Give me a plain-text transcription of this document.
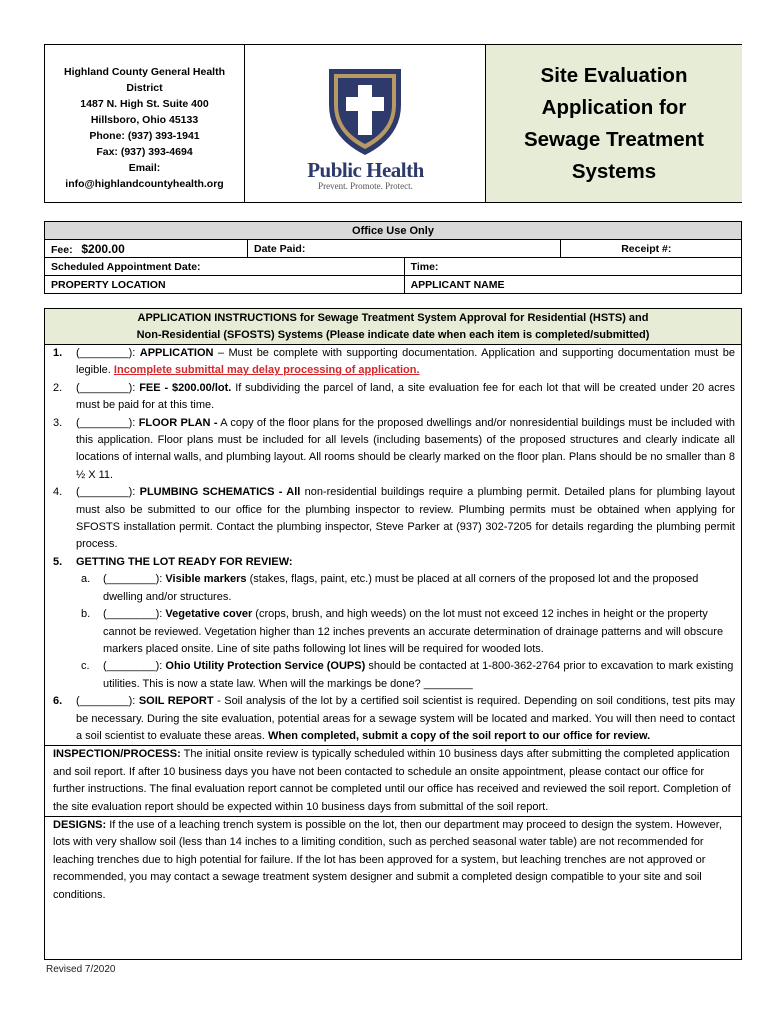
Highland County General Health
District
1487 N. High St. Suite 400
Hillsboro, Ohio 45133
Phone: (937) 393-1941
Fax: (937) 393-4694
Email:
info@highlandcountyhealth.org
Public Health
Prevent. Promote. Protect.
Site Evaluation
Application for
Sewage Treatment
Systems
Office Use Only			
Fee: $200.00	Date Paid:		Receipt #:
Scheduled Appointment Date:		Time:	
PROPERTY LOCATION		APPLICANT NAME	
APPLICATION INSTRUCTIONS for Sewage Treatment System Approval for Residential (HSTS) and
Non-Residential (SFOSTS) Systems (Please indicate date when each item is completed/submitted)
1. (________): APPLICATION – Must be complete with supporting documentation. Application and supporting documentation must be legible. Incomplete submittal may delay processing of application.
2. (________): FEE - $200.00/lot. If subdividing the parcel of land, a site evaluation fee for each lot that will be created under 20 acres must be paid for at this time.
3. (________): FLOOR PLAN - A copy of the floor plans for the proposed dwellings and/or nonresidential buildings must be included with this application. Floor plans must be included for all levels (including basements) of the proposed structures and clearly indicate all locations of internal walls, and plumbing layout. All rooms should be clearly marked on the floor plan. Plans should be no smaller than 8 ½ X 11.
4. (________): PLUMBING SCHEMATICS - All non-residential buildings require a plumbing permit. Detailed plans for plumbing layout must also be submitted to our office for the plumbing inspector to review. Plumbing permits must be obtained when applying for SFOSTS installation permit. Contact the plumbing inspector, Steve Parker at (937) 302-7205 for details regarding the plumbing permit process.
5. GETTING THE LOT READY FOR REVIEW:
a. (________): Visible markers (stakes, flags, paint, etc.) must be placed at all corners of the proposed lot and the proposed dwelling and/or structures.
b. (________): Vegetative cover (crops, brush, and high weeds) on the lot must not exceed 12 inches in height or the property cannot be reviewed. Vegetation higher than 12 inches prevents an accurate determination of drainage patterns and will obscure markers placed onsite. Line of site paths following lot lines will be required for wooded lots.
c. (________): Ohio Utility Protection Service (OUPS) should be contacted at 1-800-362-2764 prior to excavation to mark existing utilities. This is now a state law. When will the markings be done? ________
6. (________): SOIL REPORT - Soil analysis of the lot by a certified soil scientist is required. Depending on soil conditions, test pits may be necessary. During the site evaluation, potential areas for a sewage system will be located and marked. You will then need to contact a soil scientist to evaluate these areas. When completed, submit a copy of the soil report to our office for review.
INSPECTION/PROCESS: The initial onsite review is typically scheduled within 10 business days after submitting the completed application and soil report. If after 10 business days you have not been contacted to schedule an onsite appointment, please contact our office for further instructions. The final evaluation report cannot be completed until our office has received and reviewed the soil report. Completion of the site evaluation report should be expected within 10 business days from submittal of the soil report.
DESIGNS: If the use of a leaching trench system is possible on the lot, then our department may proceed to design the system. However, lots with very shallow soil (less than 14 inches to a limiting condition, such as perched seasonal water table) are not recommended for leaching trenches due to high potential for failure. If the lot has been approved for a system, but leaching trenches are not approved or recommended, you may contact a sewage treatment system designer and submit a completed design compatible to your site and soil conditions.
Revised 7/2020
